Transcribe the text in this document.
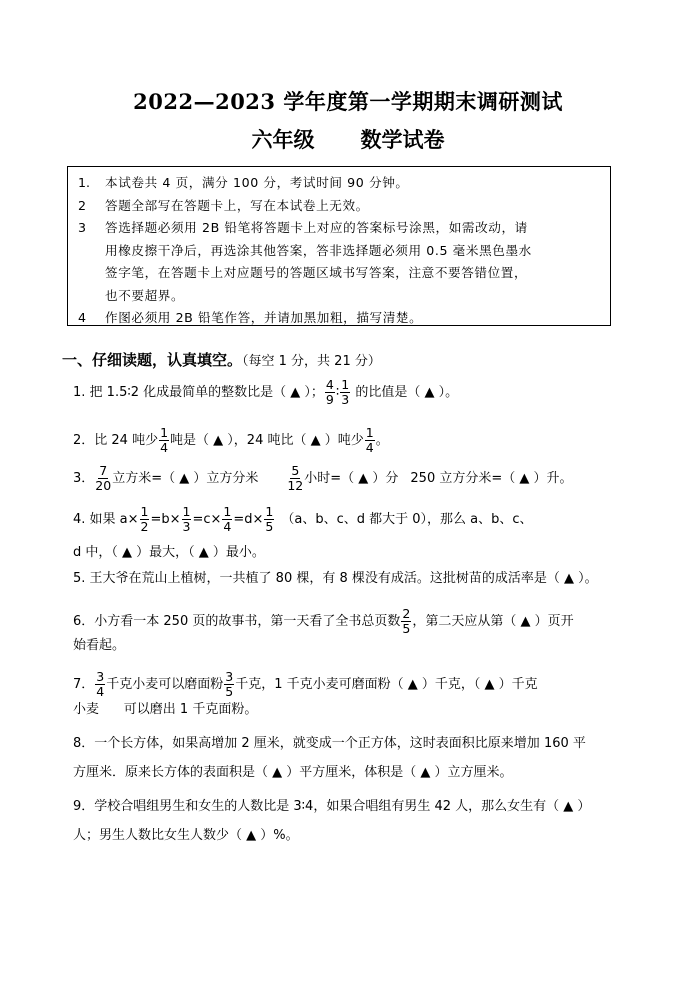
2022—2023 学年度第一学期期末调研测试
六年级 数学试卷
1.	本试卷共 4 页，满分 100 分，考试时间 90 分钟。
2	答题全部写在答题卡上，写在本试卷上无效。
3	答选择题必须用 2B 铅笔将答题卡上对应的答案标号涂黑，如需改动，请
用橡皮擦干净后，再选涂其他答案，答非选择题必须用 0.5 毫米黑色墨水
签字笔，在答题卡上对应题号的答题区域书写答案，注意不要答错位置，
也不要超界。
4	作图必须用 2B 铅笔作答，并请加黑加粗，描写清楚。
一、仔细读题，认真填空。（每空 1 分，共 21 分）
1. 把 1.5∶2 化成最简单的整数比是（ ▲ ）； $\frac{4}{9}$ ∶ $\frac{1}{3}$ 的比值是（ ▲ ）。
2．比 24 吨少 $\frac{1}{4}$ 吨是（ ▲ ），24 吨比（ ▲ ）吨少 $\frac{1}{4}$ 。
3． $\frac{7}{20}$ 立方米=（ ▲ ）立方分米 $\frac{5}{12}$ 小时=（ ▲ ）分 250 立方分米=（ ▲ ）升。
4. 如果 $a\times \frac{1}{2} =b\times \frac{1}{3} =c\times \frac{1}{4} =d\times \frac{1}{5} (a$、b、c、d 都大于 0），那么 a、b、c、
d 中，（ ▲ ）最大，（ ▲ ）最小。
5. 王大爷在荒山上植树，一共植了 80 棵，有 8 棵没有成活。这批树苗的成活率是（ ▲ ）。
6．小方看一本 250 页的故事书，第一天看了全书总页数 $\frac{2}{5}$ ，第二天应从第（ ▲ ）页开
始看起。
7． $\frac{3}{4}$ 千克小麦可以磨面粉 $\frac{3}{5}$ 千克，1 千克小麦可磨面粉（ ▲ ）千克，（ ▲ ）千克
小麦      可以磨出 1 千克面粉。
8．一个长方体，如果高增加 2 厘米，就变成一个正方体，这时表面积比原来增加 160 平
方厘米．原来长方体的表面积是（ ▲ ）平方厘米，体积是（ ▲ ）立方厘米。
9．学校合唱组男生和女生的人数比是 3∶4，如果合唱组有男生 42 人，那么女生有（ ▲ ）
人；男生人数比女生人数少（ ▲ ）%。
